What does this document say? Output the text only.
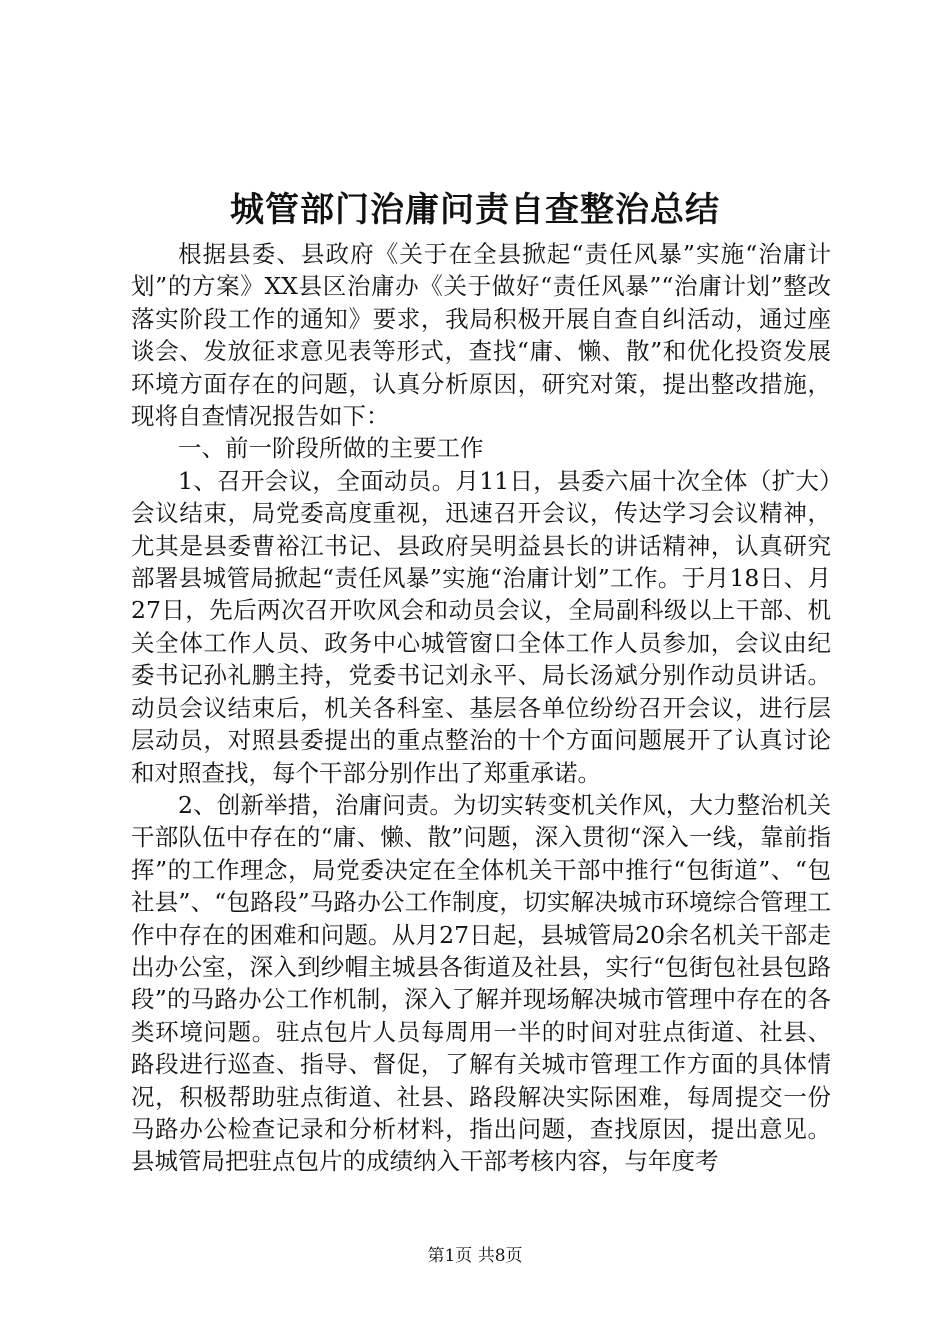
城管部门治庸问责自查整治总结

根据县委、县政府《关于在全县掀起“责任风暴”实施“治庸计划”的方案》XX县区治庸办《关于做好“责任风暴”“治庸计划”整改落实阶段工作的通知》要求，我局积极开展自查自纠活动，通过座谈会、发放征求意见表等形式，查找“庸、懒、散”和优化投资发展环境方面存在的问题，认真分析原因，研究对策，提出整改措施，现将自查情况报告如下：

一、前一阶段所做的主要工作

1、召开会议，全面动员。月11日，县委六届十次全体（扩大）会议结束，局党委高度重视，迅速召开会议，传达学习会议精神，尤其是县委曹裕江书记、县政府吴明益县长的讲话精神，认真研究部署县城管局掀起“责任风暴”实施“治庸计划”工作。于月18日、月27日，先后两次召开吹风会和动员会议，全局副科级以上干部、机关全体工作人员、政务中心城管窗口全体工作人员参加，会议由纪委书记孙礼鹏主持，党委书记刘永平、局长汤斌分别作动员讲话。动员会议结束后，机关各科室、基层各单位纷纷召开会议，进行层层动员，对照县委提出的重点整治的十个方面问题展开了认真讨论和对照查找，每个干部分别作出了郑重承诺。

2、创新举措，治庸问责。为切实转变机关作风，大力整治机关干部队伍中存在的“庸、懒、散”问题，深入贯彻“深入一线，靠前指挥”的工作理念，局党委决定在全体机关干部中推行“包街道”、“包社县”、“包路段”马路办公工作制度，切实解决城市环境综合管理工作中存在的困难和问题。从月27日起，县城管局20余名机关干部走出办公室，深入到纱帽主城县各街道及社县，实行“包街包社县包路段”的马路办公工作机制，深入了解并现场解决城市管理中存在的各类环境问题。驻点包片人员每周用一半的时间对驻点街道、社县、路段进行巡查、指导、督促，了解有关城市管理工作方面的具体情况，积极帮助驻点街道、社县、路段解决实际困难，每周提交一份马路办公检查记录和分析材料，指出问题，查找原因，提出意见。县城管局把驻点包片的成绩纳入干部考核内容，与年度考

第1页 共8页
